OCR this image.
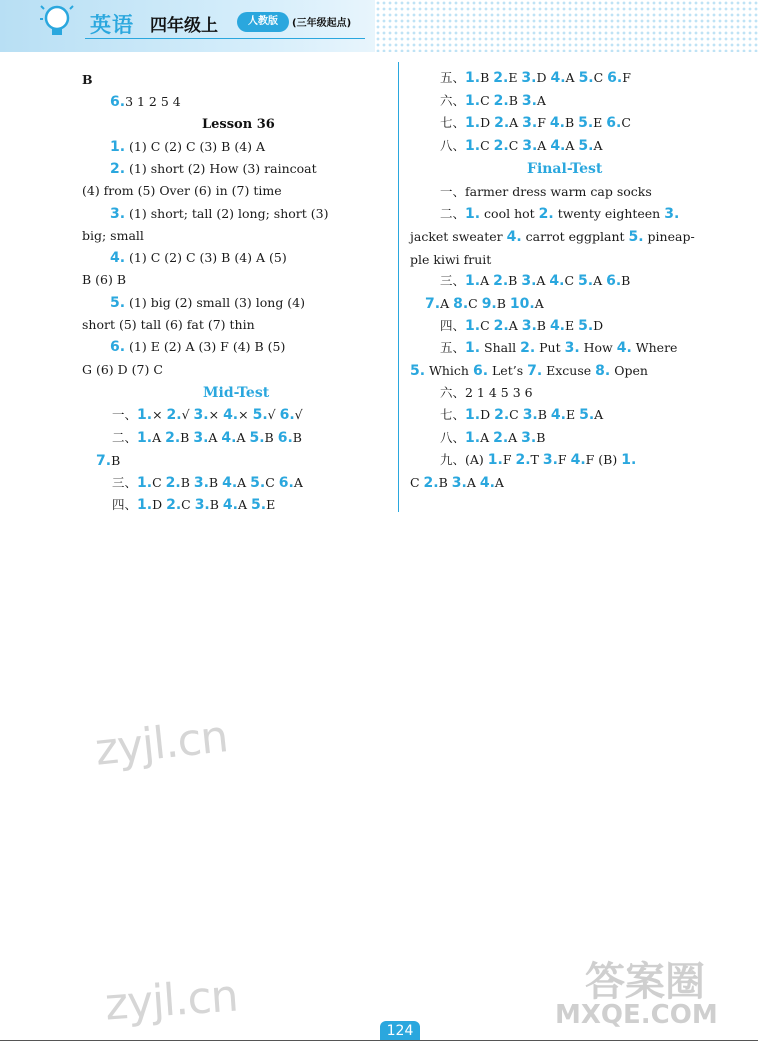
英语 四年级上	人教版	(三年级起点)
B
6.3 1 2 5 4
Lesson 36
1. (1) C (2) C (3) B (4) A
2. (1) short (2) How (3) raincoat
(4) from (5) Over (6) in (7) time
3. (1) short; tall (2) long; short (3)
big; small
4. (1) C (2) C (3) B (4) A (5)
B (6) B
5. (1) big (2) small (3) long (4)
short (5) tall (6) fat (7) thin
6. (1) E (2) A (3) F (4) B (5)
G (6) D (7) C
Mid-Test
一、1.× 2.√ 3.× 4.× 5.√ 6.√
二、1.A 2.B 3.A 4.A 5.B 6.B
7.B
三、1.C 2.B 3.B 4.A 5.C 6.A
四、1.D 2.C 3.B 4.A 5.E
五、1.B 2.E 3.D 4.A 5.C 6.F
六、1.C 2.B 3.A
七、1.D 2.A 3.F 4.B 5.E 6.C
八、1.C 2.C 3.A 4.A 5.A
Final-Test
一、farmer dress warm cap socks
二、1. cool hot 2. twenty eighteen 3.
jacket sweater 4. carrot eggplant 5. pineap-
ple kiwi fruit
三、1.A 2.B 3.A 4.C 5.A 6.B
7.A 8.C 9.B 10.A
四、1.C 2.A 3.B 4.E 5.D
五、1. Shall 2. Put 3. How 4. Where
5. Which 6. Let’s 7. Excuse 8. Open
六、2 1 4 5 3 6
七、1.D 2.C 3.B 4.E 5.A
八、1.A 2.A 3.B
九、(A) 1.F 2.T 3.F 4.F (B) 1.
C 2.B 3.A 4.A
zyjl.cn
zyjl.cn	答案圈
MXQE.COM
124
